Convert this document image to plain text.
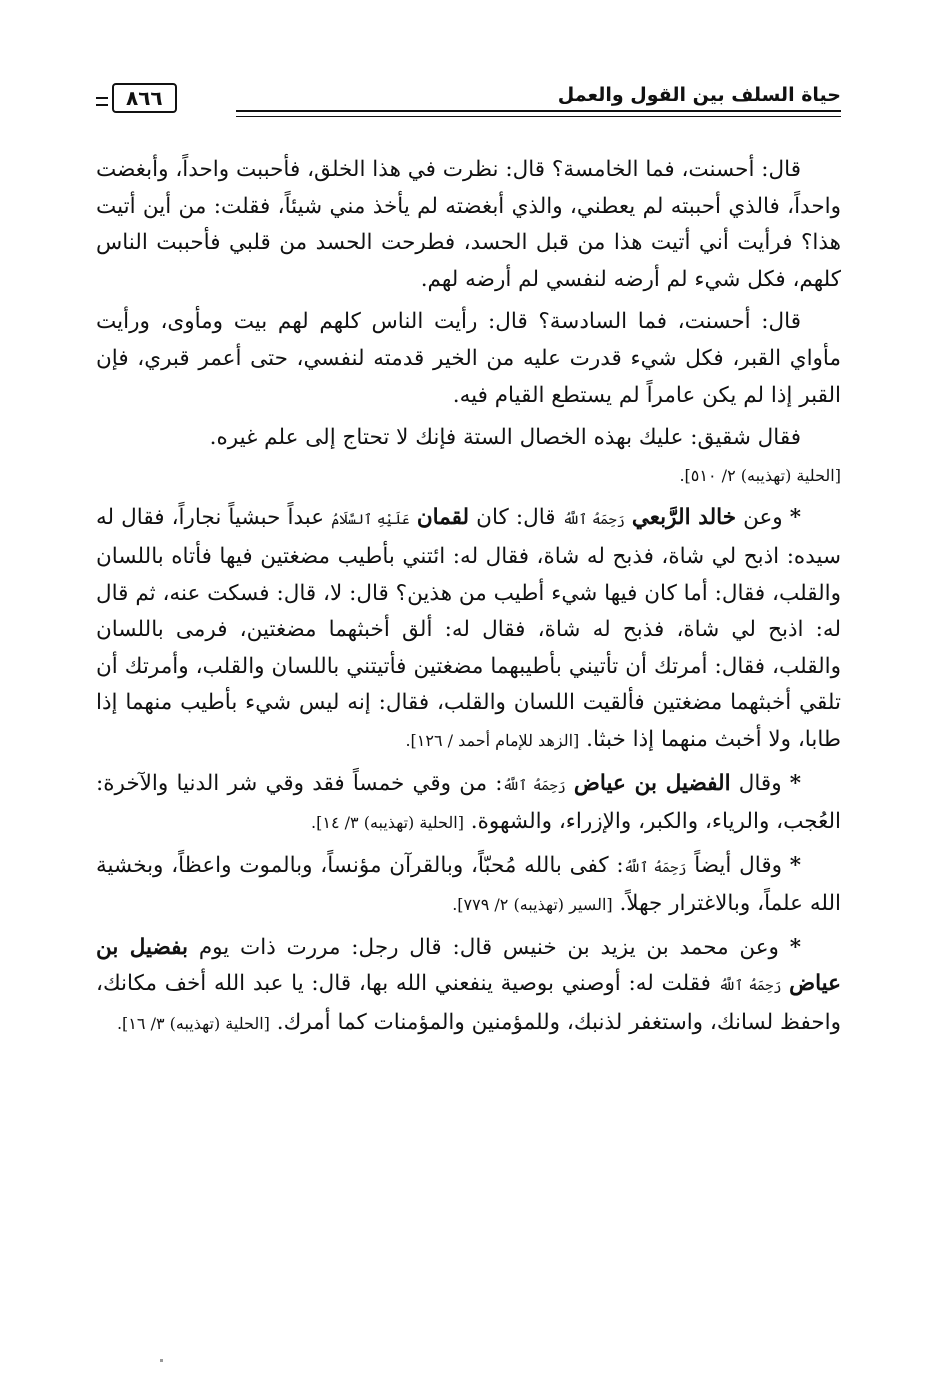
٨٦٦	حياة السلف بين القول والعمل

قال: أحسنت، فما الخامسة؟ قال: نظرت في هذا الخلق، فأحببت واحداً، وأبغضت واحداً، فالذي أحببته لم يعطني، والذي أبغضته لم يأخذ مني شيئاً، فقلت: من أين أتيت هذا؟ فرأيت أني أتيت هذا من قبل الحسد، فطرحت الحسد من قلبي فأحببت الناس كلهم، فكل شيء لم أرضه لنفسي لم أرضه لهم.

قال: أحسنت، فما السادسة؟ قال: رأيت الناس كلهم لهم بيت ومأوى، ورأيت مأواي القبر، فكل شيء قدرت عليه من الخير قدمته لنفسي، حتى أعمر قبري، فإن القبر إذا لم يكن عامراً لم يستطع القيام فيه.

فقال شقيق: عليك بهذه الخصال الستة فإنك لا تحتاج إلى علم غيره.
[الحلية (تهذيبه) ٢/ ٥١٠].

* وعن خالد الرَّبعي رَحِمَهُ ٱللَّهُ قال: كان لقمان عَلَيْهِ ٱلسَّلَامُ عبداً حبشياً نجاراً، فقال له سيده: اذبح لي شاة، فذبح له شاة، فقال له: ائتني بأطيب مضغتين فيها فأتاه باللسان والقلب، فقال: أما كان فيها شيء أطيب من هذين؟ قال: لا، قال: فسكت عنه، ثم قال له: اذبح لي شاة، فذبح له شاة، فقال له: ألق أخبثهما مضغتين، فرمى باللسان والقلب، فقال: أمرتك أن تأتيني بأطيبهما مضغتين فأتيتني باللسان والقلب، وأمرتك أن تلقي أخبثهما مضغتين فألقيت اللسان والقلب، فقال: إنه ليس شيء بأطيب منهما إذا طابا، ولا أخبث منهما إذا خبثا. [الزهد للإمام أحمد / ١٢٦].

* وقال الفضيل بن عياض رَحِمَهُ ٱللَّهُ: من وقي خمساً فقد وقي شر الدنيا والآخرة: العُجب، والرياء، والكبر، والإزراء، والشهوة. [الحلية (تهذيبه) ٣/ ١٤].

* وقال أيضاً رَحِمَهُ ٱللَّهُ: كفى بالله مُحبّاً، وبالقرآن مؤنساً، وبالموت واعظاً، وبخشية الله علماً، وبالاغترار جهلاً. [السير (تهذيبه) ٢/ ٧٧٩].

* وعن محمد بن يزيد بن خنيس قال: قال رجل: مررت ذات يوم بفضيل بن عياض رَحِمَهُ ٱللَّهُ فقلت له: أوصني بوصية ينفعني الله بها، قال: يا عبد الله أخف مكانك، واحفظ لسانك، واستغفر لذنبك، وللمؤمنين والمؤمنات كما أمرك. [الحلية (تهذيبه) ٣/ ١٦].
